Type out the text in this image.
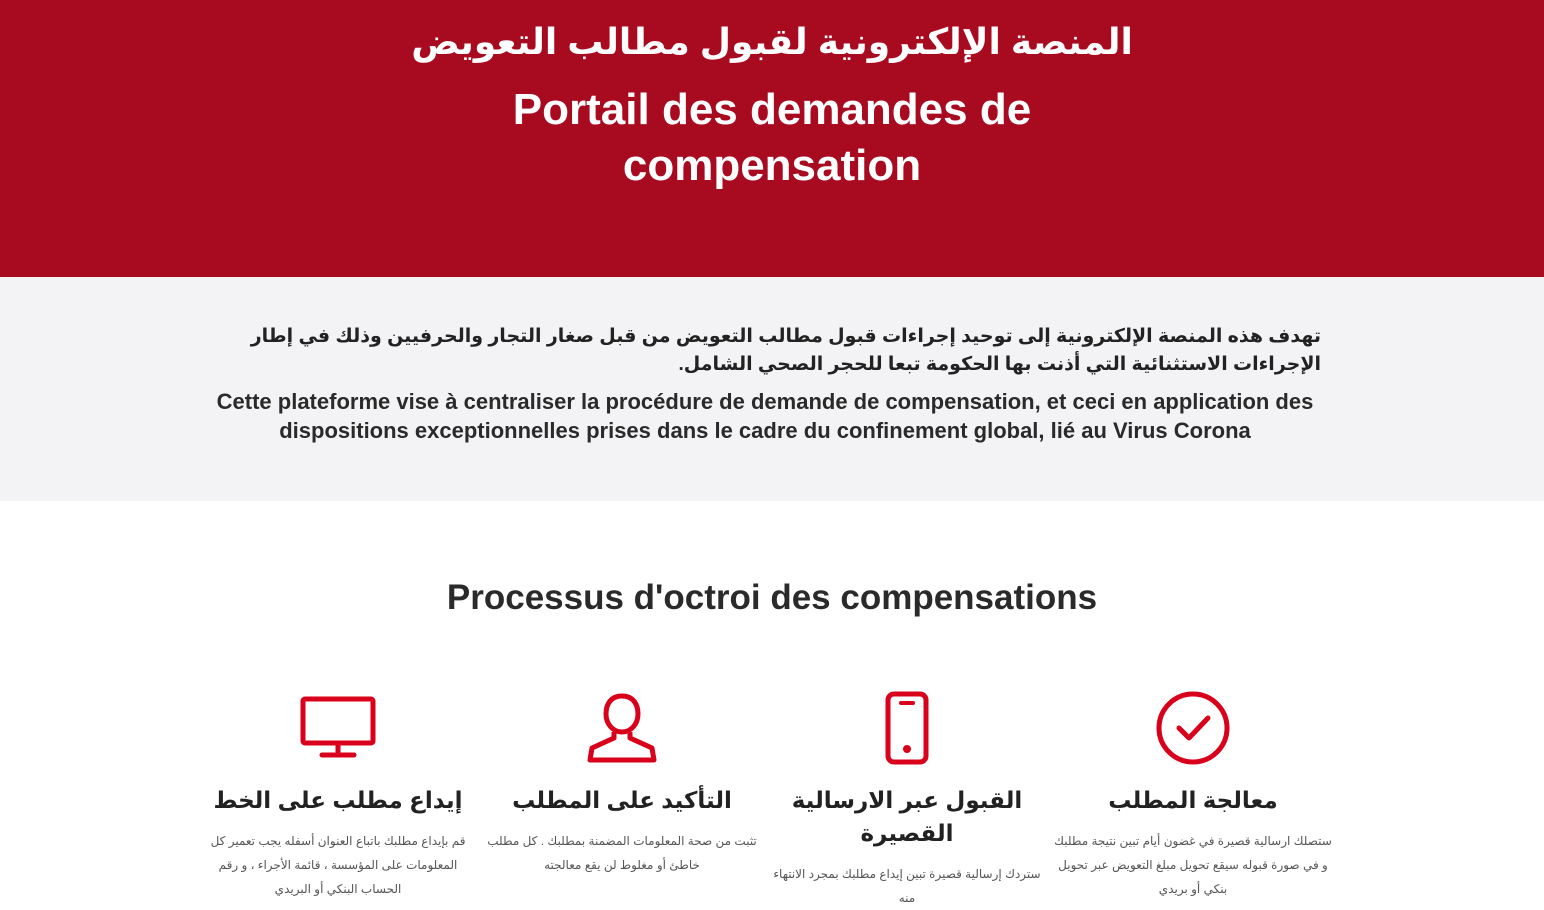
المنصة الإلكترونية لقبول مطالب التعويض
Portail des demandes de compensation

تهدف هذه المنصة الإلكترونية إلى توحيد إجراءات قبول مطالب التعويض من قبل صغار التجار والحرفيين وذلك في إطار الإجراءات الاستثنائية التي أذنت بها الحكومة تبعا للحجر الصحي الشامل.

Cette plateforme vise à centraliser la procédure de demande de compensation, et ceci en application des dispositions exceptionnelles prises dans le cadre du confinement global, lié au Virus Corona

Processus d'octroi des compensations
إيداع مطلب على الخط
قم بإيداع مطلبك باتباع العنوان أسفله يجب تعمير كل المعلومات على المؤسسة ، قائمة الأجراء ، و رقم الحساب البنكي أو البريدي
التأكيد على المطلب
تثبت من صحة المعلومات المضمنة بمطلبك . كل مطلب خاطئ أو مغلوط لن يقع معالجته
القبول عبر الارسالية القصيرة
ستردك إرسالية قصيرة تبين إيداع مطلبك بمجرد الانتهاء منه
معالجة المطلب
ستصلك ارسالية قصيرة في غضون أيام تبين نتيجة مطلبك و في صورة قبوله سيقع تحويل مبلغ التعويض عبر تحويل بنكي أو بريدي
